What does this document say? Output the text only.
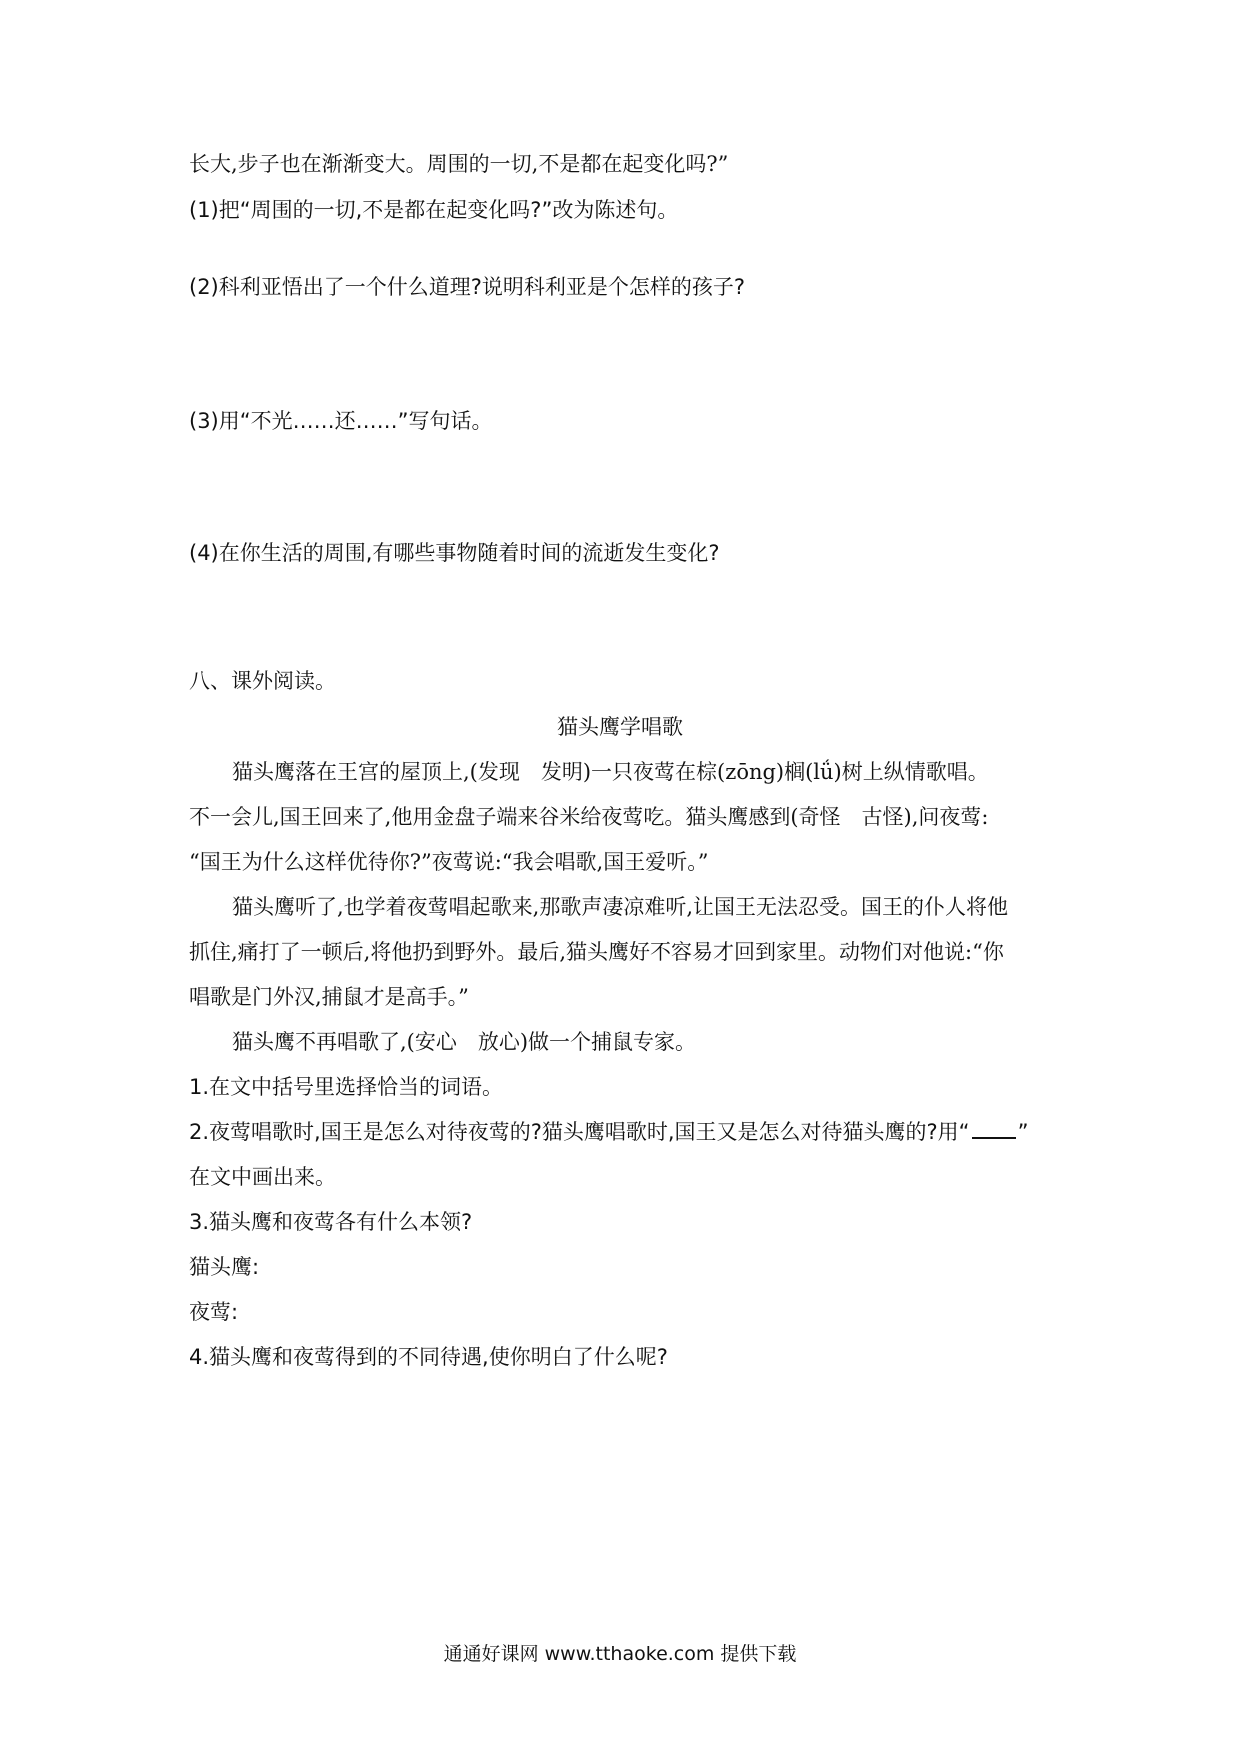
长大,步子也在渐渐变大。周围的一切,不是都在起变化吗?”
(1)把“周围的一切,不是都在起变化吗?”改为陈述句。
(2)科利亚悟出了一个什么道理?说明科利亚是个怎样的孩子?
(3)用“不光……还……”写句话。
(4)在你生活的周围,有哪些事物随着时间的流逝发生变化?
八、课外阅读。
猫头鹰学唱歌
猫头鹰落在王宫的屋顶上,(发现　发明)一只夜莺在棕(zōng)榈(lǘ)树上纵情歌唱。
不一会儿,国王回来了,他用金盘子端来谷米给夜莺吃。猫头鹰感到(奇怪　古怪),问夜莺:
“国王为什么这样优待你?”夜莺说:“我会唱歌,国王爱听。”
猫头鹰听了,也学着夜莺唱起歌来,那歌声凄凉难听,让国王无法忍受。国王的仆人将他
抓住,痛打了一顿后,将他扔到野外。最后,猫头鹰好不容易才回到家里。动物们对他说:“你
唱歌是门外汉,捕鼠才是高手。”
猫头鹰不再唱歌了,(安心　放心)做一个捕鼠专家。
1.在文中括号里选择恰当的词语。
2.夜莺唱歌时,国王是怎么对待夜莺的?猫头鹰唱歌时,国王又是怎么对待猫头鹰的?用“ ”
在文中画出来。
3.猫头鹰和夜莺各有什么本领?
猫头鹰:
夜莺:
4.猫头鹰和夜莺得到的不同待遇,使你明白了什么呢?
通通好课网 www.tthaoke.com 提供下载
